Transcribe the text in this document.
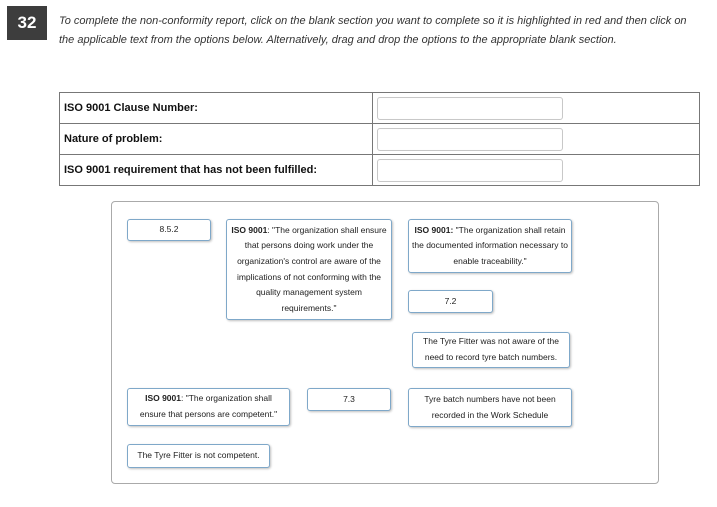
32	To complete the non-conformity report, click on the blank section you want to complete so it is highlighted in red and then click on the applicable text from the options below. Alternatively, drag and drop the options to the appropriate blank section.
ISO 9001 Clause Number:	

Nature of problem:	

ISO 9001 requirement that has not been fulfilled:	
8.5.2	ISO 9001: "The organization shall ensure that persons doing work under the organization's control are aware of the implications of not conforming with the quality management system requirements."
ISO 9001: "The organization shall retain the documented information necessary to enable traceability."
7.2
The Tyre Fitter was not aware of the need to record tyre batch numbers.
ISO 9001: "The organization shall ensure that persons are competent."
7.3	Tyre batch numbers have not been recorded in the Work Schedule
The Tyre Fitter is not competent.
